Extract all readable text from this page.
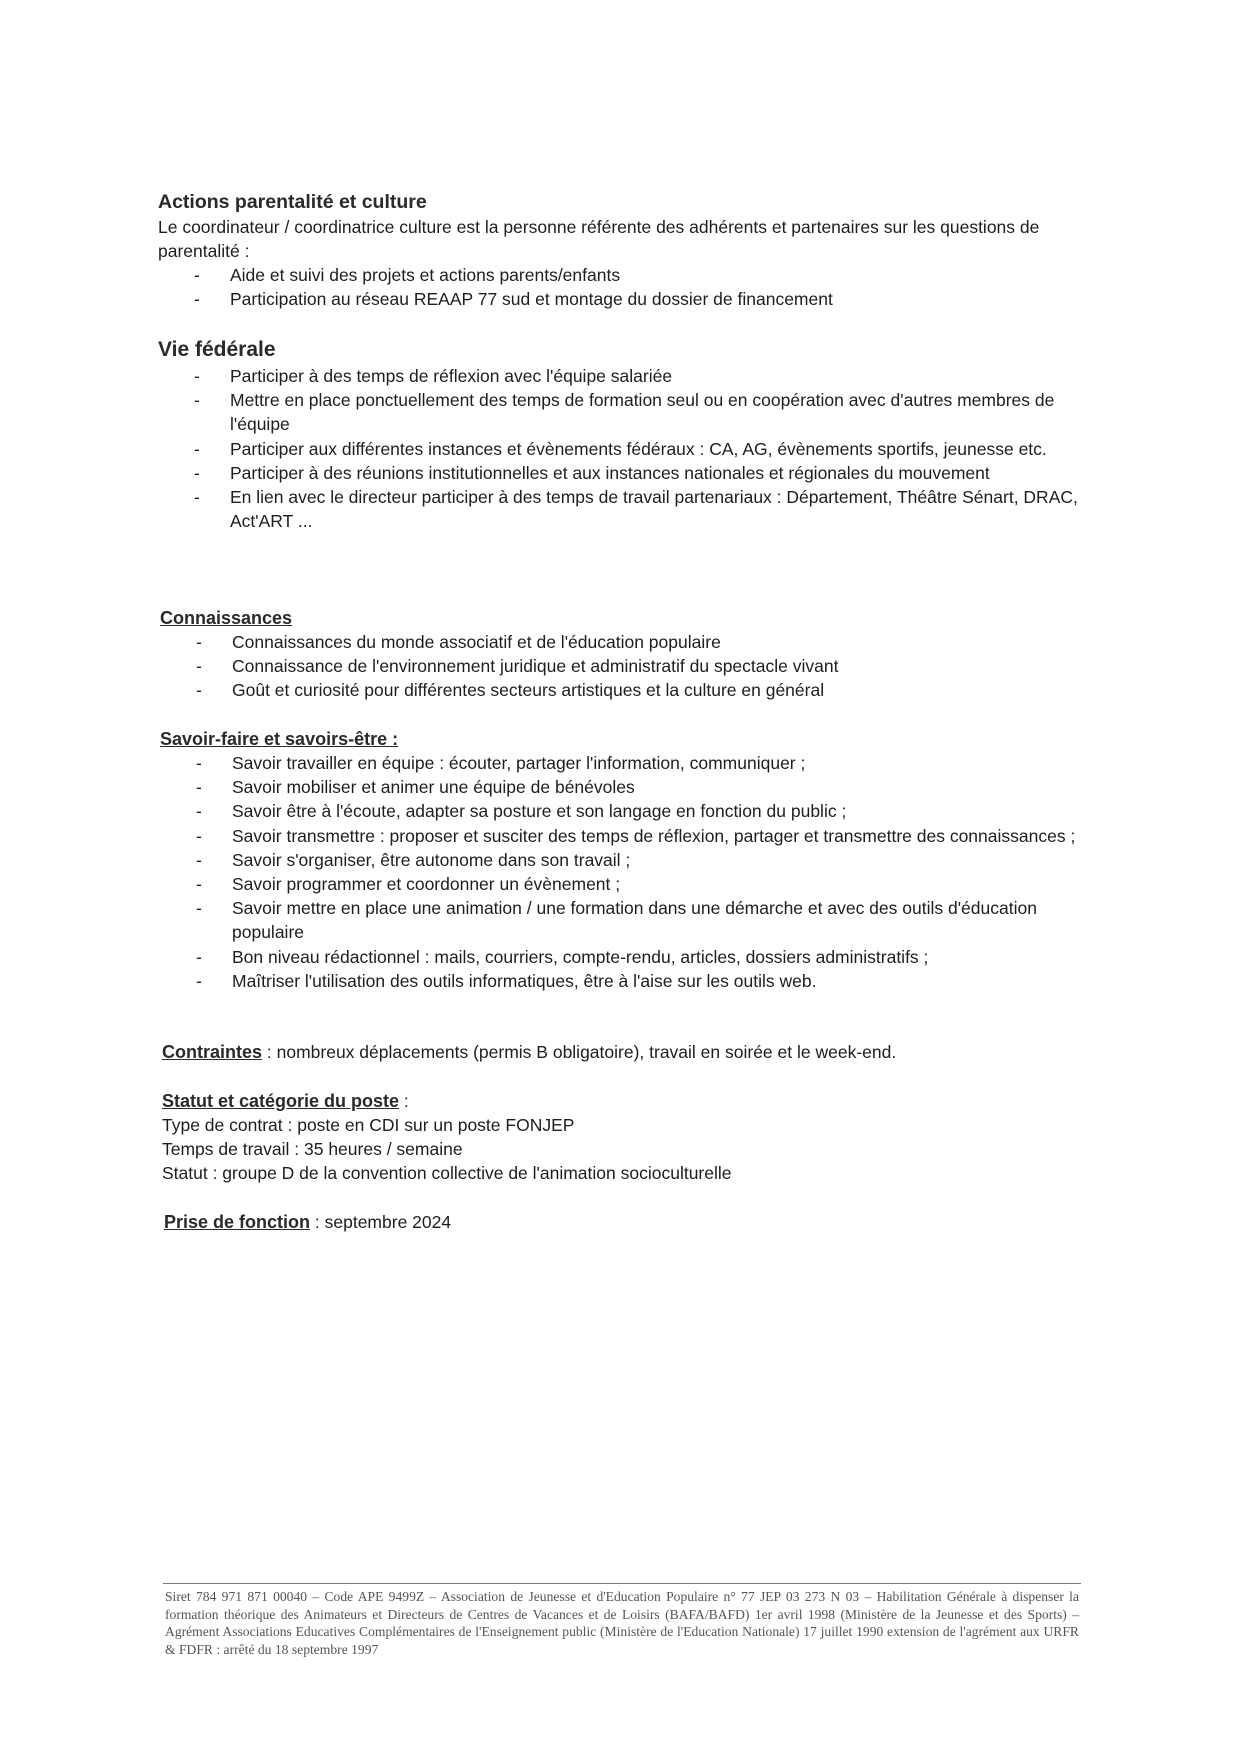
Actions parentalité et culture

Le coordinateur / coordinatrice culture est la personne référente des adhérents et partenaires sur les questions de parentalité :

- Aide et suivi des projets et actions parents/enfants
- Participation au réseau REAAP 77 sud et montage du dossier de financement

Vie fédérale

- Participer à des temps de réflexion avec l'équipe salariée
- Mettre en place ponctuellement des temps de formation seul ou en coopération avec d'autres membres de l'équipe
- Participer aux différentes instances et évènements fédéraux : CA, AG, évènements sportifs, jeunesse etc.
- Participer à des réunions institutionnelles et aux instances nationales et régionales du mouvement
- En lien avec le directeur participer à des temps de travail partenariaux : Département, Théâtre Sénart, DRAC, Act'ART ...

Connaissances

- Connaissances du monde associatif et de l'éducation populaire
- Connaissance de l'environnement juridique et administratif du spectacle vivant
- Goût et curiosité pour différentes secteurs artistiques et la culture en général

Savoir-faire et savoirs-être :

- Savoir travailler en équipe : écouter, partager l'information, communiquer ;
- Savoir mobiliser et animer une équipe de bénévoles
- Savoir être à l'écoute, adapter sa posture et son langage en fonction du public ;
- Savoir transmettre : proposer et susciter des temps de réflexion, partager et transmettre des connaissances ;
- Savoir s'organiser, être autonome dans son travail ;
- Savoir programmer et coordonner un évènement ;
- Savoir mettre en place une animation / une formation dans une démarche et avec des outils d'éducation populaire
- Bon niveau rédactionnel : mails, courriers, compte-rendu, articles, dossiers administratifs ;
- Maîtriser l'utilisation des outils informatiques, être à l'aise sur les outils web.

Contraintes : nombreux déplacements (permis B obligatoire), travail en soirée et le week-end.

Statut et catégorie du poste :

Type de contrat : poste en CDI sur un poste FONJEP

Temps de travail : 35 heures / semaine

Statut : groupe D de la convention collective de l'animation socioculturelle

Prise de fonction : septembre 2024

Siret 784 971 871 00040 – Code APE 9499Z – Association de Jeunesse et d'Education Populaire n° 77 JEP 03 273 N 03 – Habilitation Générale à dispenser la formation théorique des Animateurs et Directeurs de Centres de Vacances et de Loisirs (BAFA/BAFD) 1er avril 1998 (Ministère de la Jeunesse et des Sports) – Agrément Associations Educatives Complémentaires de l'Enseignement public (Ministère de l'Education Nationale) 17 juillet 1990 extension de l'agrément aux URFR & FDFR : arrêté du 18 septembre 1997
